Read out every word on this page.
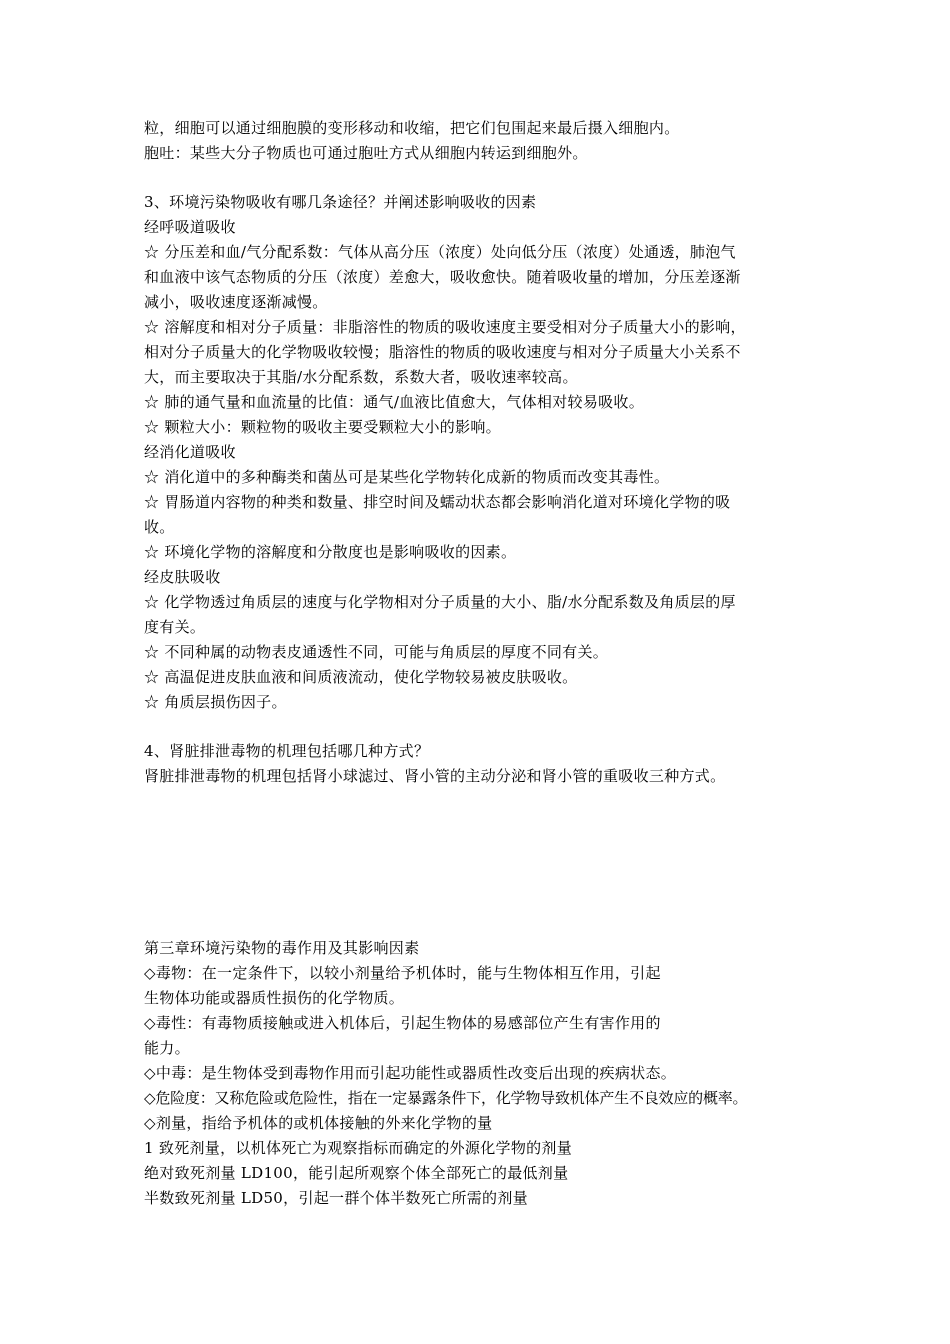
粒，细胞可以通过细胞膜的变形移动和收缩，把它们包围起来最后摄入细胞内。
胞吐：某些大分子物质也可通过胞吐方式从细胞内转运到细胞外。
3、环境污染物吸收有哪几条途径？并阐述影响吸收的因素
经呼吸道吸收
☆ 分压差和血/气分配系数：气体从高分压（浓度）处向低分压（浓度）处通透，肺泡气
和血液中该气态物质的分压（浓度）差愈大，吸收愈快。随着吸收量的增加，分压差逐渐
减小，吸收速度逐渐减慢。
☆ 溶解度和相对分子质量：非脂溶性的物质的吸收速度主要受相对分子质量大小的影响，
相对分子质量大的化学物吸收较慢；脂溶性的物质的吸收速度与相对分子质量大小关系不
大，而主要取决于其脂/水分配系数，系数大者，吸收速率较高。
☆ 肺的通气量和血流量的比值：通气/血液比值愈大，气体相对较易吸收。
☆ 颗粒大小：颗粒物的吸收主要受颗粒大小的影响。
经消化道吸收
☆ 消化道中的多种酶类和菌丛可是某些化学物转化成新的物质而改变其毒性。
☆ 胃肠道内容物的种类和数量、排空时间及蠕动状态都会影响消化道对环境化学物的吸
收。
☆ 环境化学物的溶解度和分散度也是影响吸收的因素。
经皮肤吸收
☆ 化学物透过角质层的速度与化学物相对分子质量的大小、脂/水分配系数及角质层的厚
度有关。
☆ 不同种属的动物表皮通透性不同，可能与角质层的厚度不同有关。
☆ 高温促进皮肤血液和间质液流动，使化学物较易被皮肤吸收。
☆ 角质层损伤因子。
4、肾脏排泄毒物的机理包括哪几种方式？
肾脏排泄毒物的机理包括肾小球滤过、肾小管的主动分泌和肾小管的重吸收三种方式。
第三章环境污染物的毒作用及其影响因素
◇毒物：在一定条件下，以较小剂量给予机体时，能与生物体相互作用，引起
生物体功能或器质性损伤的化学物质。
◇毒性：有毒物质接触或进入机体后，引起生物体的易感部位产生有害作用的
能力。
◇中毒：是生物体受到毒物作用而引起功能性或器质性改变后出现的疾病状态。
◇危险度：又称危险或危险性，指在一定暴露条件下，化学物导致机体产生不良效应的概率。
◇剂量，指给予机体的或机体接触的外来化学物的量
1 致死剂量，以机体死亡为观察指标而确定的外源化学物的剂量
绝对致死剂量 LD100，能引起所观察个体全部死亡的最低剂量
半数致死剂量 LD50，引起一群个体半数死亡所需的剂量
